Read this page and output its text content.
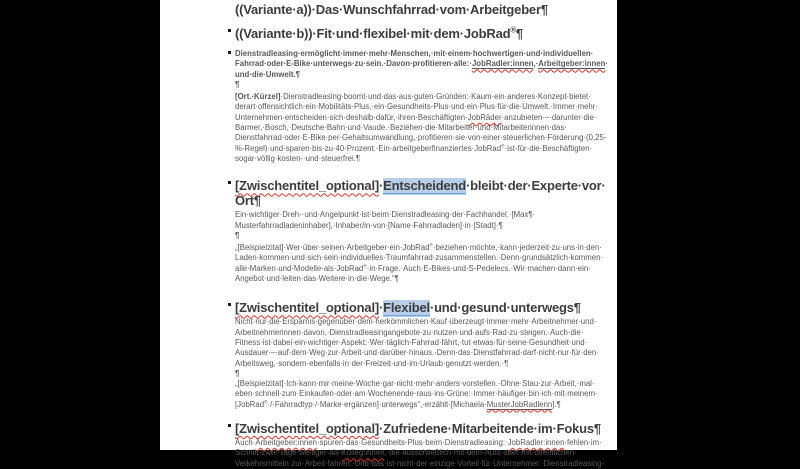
((Variante·​a))·​Das·​Wunschfahrrad·​vom·​Arbeitgeber¶
((Variante·​b))·​Fit·​und·​flexibel·​mit·​dem·​JobRad®¶
Dienstradleasing·​ermöglicht·​immer·​mehr·​Menschen,·​mit·​einem·​hochwertigen·​und·​individuellen·​Fahrrad·​oder·​E-Bike·​unterwegs·​zu·​sein.·​Davon·​profitieren·​alle:·​JobRadler:innen,·​Arbeitgeber:innen·​und·​die·​Umwelt.¶
¶
[Ort.·​Kürzel]·​Dienstradleasing·​boomt·​und·​das·​aus·​guten·​Gründen:·​Kaum·​ein·​anderes·​Konzept·​bietet·​derart·​offensichtlich·​ein·​Mobilitäts-Plus,·​ein·​Gesundheits-Plus·​und·​ein·​Plus·​für·​die·​Umwelt.·​Immer·​mehr·​Unternehmen·​entscheiden·​sich·​deshalb·​dafür,·​ihren·​Beschäftigten·​JobRäder·​anzubieten·​–·​darunter·​die·​Barmer,·​Bosch,·​Deutsche·​Bahn·​und·​Vaude.·​Beziehen·​die·​Mitarbeiter·​und·​Mitarbeiterinnen·​das·​Dienstfahrrad·​oder·​E-Bike·​per·​Gehaltsumwandlung,·​profitieren·​sie·​von·​einer·​steuerlichen·​Förderung·​(0,25-%-Regel)·​und·​sparen·​bis·​zu·​40·​Prozent.·​Ein·​arbeitgeberfinanziertes·​JobRad®·​ist·​für·​die·​Beschäftigten·​sogar·​völlig·​kosten-·​und·​steuerfrei.¶
[Zwischentitel_optional]·​Entscheidend·​bleibt·​der·​Experte·​vor·​Ort¶
Ein·​wichtiger·​Dreh-·​und·​Angelpunkt·​ist·​beim·​Dienstradleasing·​der·​Fachhandel.·​[Max¶·​Musterfahrradladeninhaber],·​Inhaber/in·​von·​[Name·​Fahrradladen]·​in·​[Stadt]·​¶
¶
„[Beispielzitat]·​Wer·​über·​seinen·​Arbeitgeber·​ein·​JobRad®·​beziehen·​möchte,·​kann·​jederzeit·​zu·​uns·​in·​den·​Laden·​kommen·​und·​sich·​sein·​individuelles·​Traumfahrrad·​zusammenstellen.·​Denn·​grundsätzlich·​kommen·​alle·​Marken·​und·​Modelle·​als·​JobRad®·​in·​Frage.·​Auch·​E-Bikes·​und·​S-Pedelecs.·​Wir·​machen·​dann·​ein·​Angebot·​und·​leiten·​das·​Weitere·​in·​die·​Wege.“¶
[Zwischentitel_optional]·​Flexibel·​und·​gesund·​unterwegs¶
Nicht·​nur·​die·​Ersparnis·​gegenüber·​dem·​herkömmlichen·​Kauf·​überzeugt·​immer·​mehr·​Arbeitnehmer·​und·​Arbeitnehmerinnen·​davon,·​Dienstradleasingangebote·​zu·​nutzen·​und·​aufs·​Rad·​zu·​steigen.·​Auch·​die·​Fitness·​ist·​dabei·​ein·​wichtiger·​Aspekt:·​Wer·​täglich·​Fahrrad·​fährt,·​tut·​etwas·​für·​seine·​Gesundheit·​und·​Ausdauer·​–·​auf·​dem·​Weg·​zur·​Arbeit·​und·​darüber·​hinaus.·​Denn·​das·​Dienstfahrrad·​darf·​nicht·​nur·​für·​den·​Arbeitsweg,·​sondern·​ebenfalls·​in·​der·​Freizeit·​und·​im·​Urlaub·​genutzt·​werden.·​¶
¶
„[Beispielzitat]·​Ich·​kann·​mir·​meine·​Woche·​gar·​nicht·​mehr·​anders·​vorstellen.·​Ohne·​Stau·​zur·​Arbeit,·​mal·​eben·​schnell·​zum·​Einkaufen·​oder·​am·​Wochenende·​raus·​ins·​Grüne:·​Immer·​häufiger·​bin·​ich·​mit·​meinem·​[JobRad®·​/·​Fahrradtyp·​/·​Marke·​ergänzen]·​unterwegs“,·​erzählt·​[Michaela·​MusterJobRadlerin].¶
[Zwischentitel_optional]·​Zufriedene·​Mitarbeitende·​im·​Fokus¶
Auch·​Arbeitgeber:innen·​spüren·​das·​Gesundheits-Plus·​beim·​Dienstradleasing:·​JobRadler:innen·​fehlen·​im·​Schnitt·​zwei·​Tage·​weniger·​als·​Kolleg:innen,·​die·​ausschließlich·​mit·​dem·​Auto·​oder·​mit·​öffentlichen·​Verkehrsmitteln·​zur·​Arbeit·​fahren.·​Und·​das·​ist·​nicht·​der·​einzige·​Vorteil·​für·​Unternehmer:·​Dienstradleasing-
